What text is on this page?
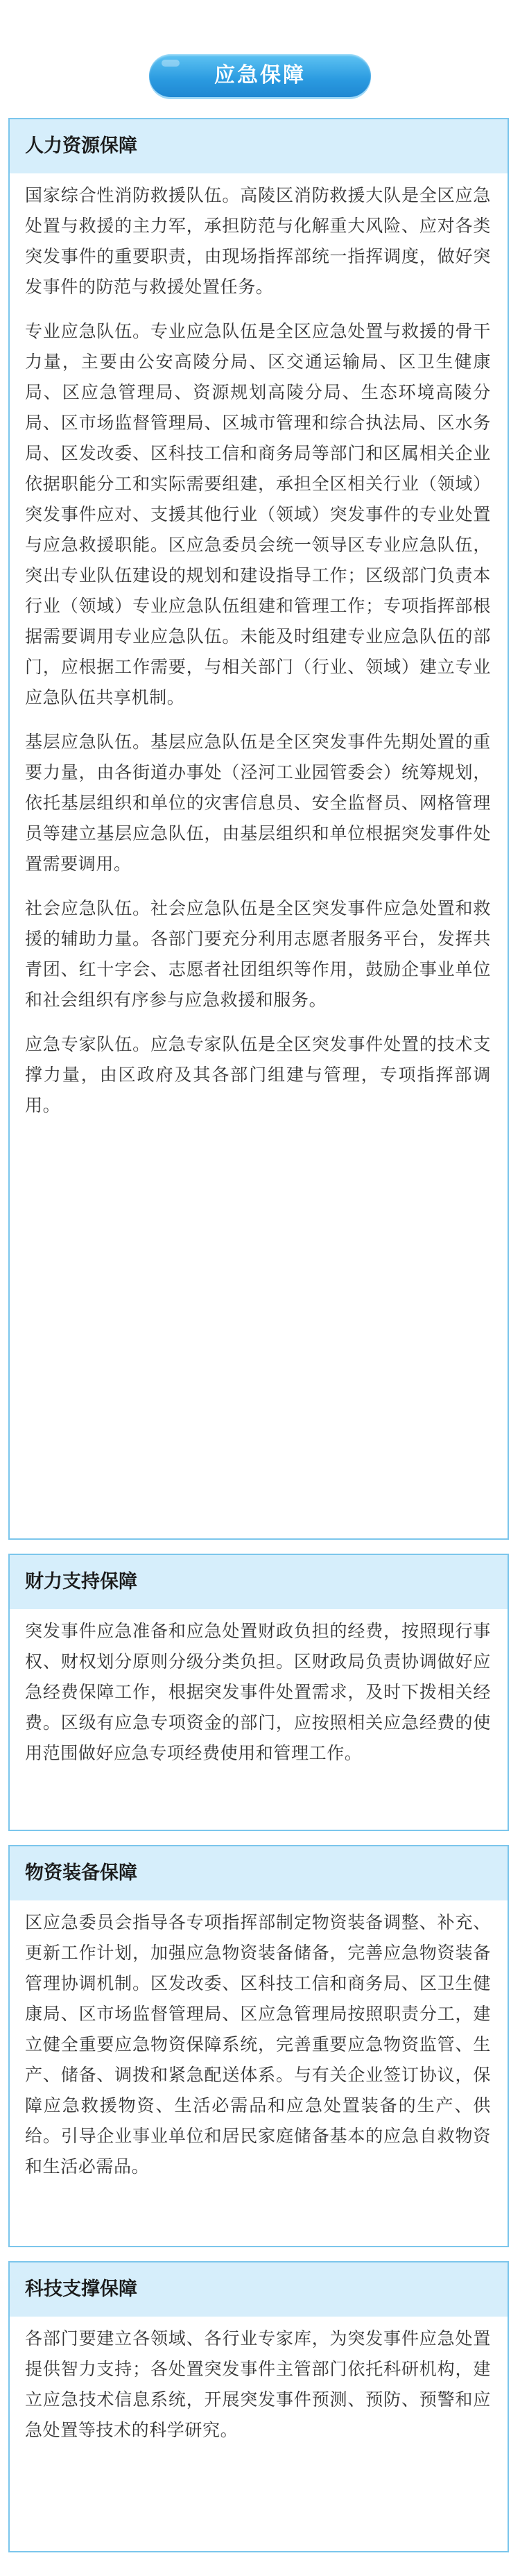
应急保障
人力资源保障

国家综合性消防救援队伍。高陵区消防救援大队是全区应急处置与救援的主力军，承担防范与化解重大风险、应对各类突发事件的重要职责，由现场指挥部统一指挥调度，做好突发事件的防范与救援处置任务。

专业应急队伍。专业应急队伍是全区应急处置与救援的骨干力量，主要由公安高陵分局、区交通运输局、区卫生健康局、区应急管理局、资源规划高陵分局、生态环境高陵分局、区市场监督管理局、区城市管理和综合执法局、区水务局、区发改委、区科技工信和商务局等部门和区属相关企业依据职能分工和实际需要组建，承担全区相关行业（领域）突发事件应对、支援其他行业（领域）突发事件的专业处置与应急救援职能。区应急委员会统一领导区专业应急队伍，突出专业队伍建设的规划和建设指导工作；区级部门负责本行业（领域）专业应急队伍组建和管理工作；专项指挥部根据需要调用专业应急队伍。未能及时组建专业应急队伍的部门，应根据工作需要，与相关部门（行业、领域）建立专业应急队伍共享机制。

基层应急队伍。基层应急队伍是全区突发事件先期处置的重要力量，由各街道办事处（泾河工业园管委会）统筹规划，依托基层组织和单位的灾害信息员、安全监督员、网格管理员等建立基层应急队伍，由基层组织和单位根据突发事件处置需要调用。

社会应急队伍。社会应急队伍是全区突发事件应急处置和救援的辅助力量。各部门要充分利用志愿者服务平台，发挥共青团、红十字会、志愿者社团组织等作用，鼓励企事业单位和社会组织有序参与应急救援和服务。

应急专家队伍。应急专家队伍是全区突发事件处置的技术支撑力量，由区政府及其各部门组建与管理，专项指挥部调用。

财力支持保障

突发事件应急准备和应急处置财政负担的经费，按照现行事权、财权划分原则分级分类负担。区财政局负责协调做好应急经费保障工作，根据突发事件处置需求，及时下拨相关经费。区级有应急专项资金的部门，应按照相关应急经费的使用范围做好应急专项经费使用和管理工作。

物资装备保障

区应急委员会指导各专项指挥部制定物资装备调整、补充、更新工作计划，加强应急物资装备储备，完善应急物资装备管理协调机制。区发改委、区科技工信和商务局、区卫生健康局、区市场监督管理局、区应急管理局按照职责分工，建立健全重要应急物资保障系统，完善重要应急物资监管、生产、储备、调拨和紧急配送体系。与有关企业签订协议，保障应急救援物资、生活必需品和应急处置装备的生产、供给。引导企业事业单位和居民家庭储备基本的应急自救物资和生活必需品。

科技支撑保障

各部门要建立各领域、各行业专家库，为突发事件应急处置提供智力支持；各处置突发事件主管部门依托科研机构，建立应急技术信息系统，开展突发事件预测、预防、预警和应急处置等技术的科学研究。
